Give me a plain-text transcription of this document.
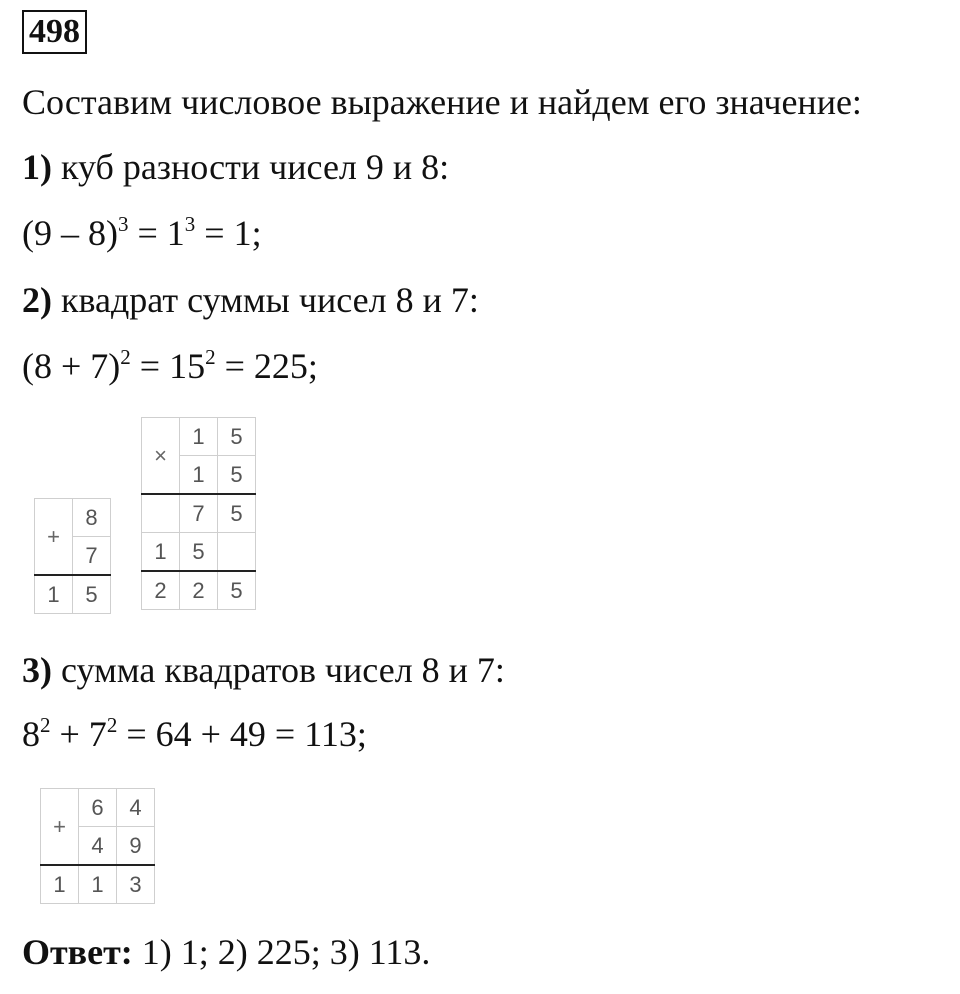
498
Составим числовое выражение и найдем его значение:
1) куб разности чисел 9 и 8:
$(9 - 8)^3 = 1^3 = 1$;
2) квадрат суммы чисел 8 и 7:
$(8 + 7)^2 = 15^2 = 225$;
+	8
	7
1	5
×	1	5
	1	5
	7	5
1	5	
2	2	5
3) сумма квадратов чисел 8 и 7:
$8^2 + 7^2 = 64 + 49 = 113$;
+	6	4
	4	9
1	1	3
Ответ: 1) 1; 2) 225; 3) 113.
